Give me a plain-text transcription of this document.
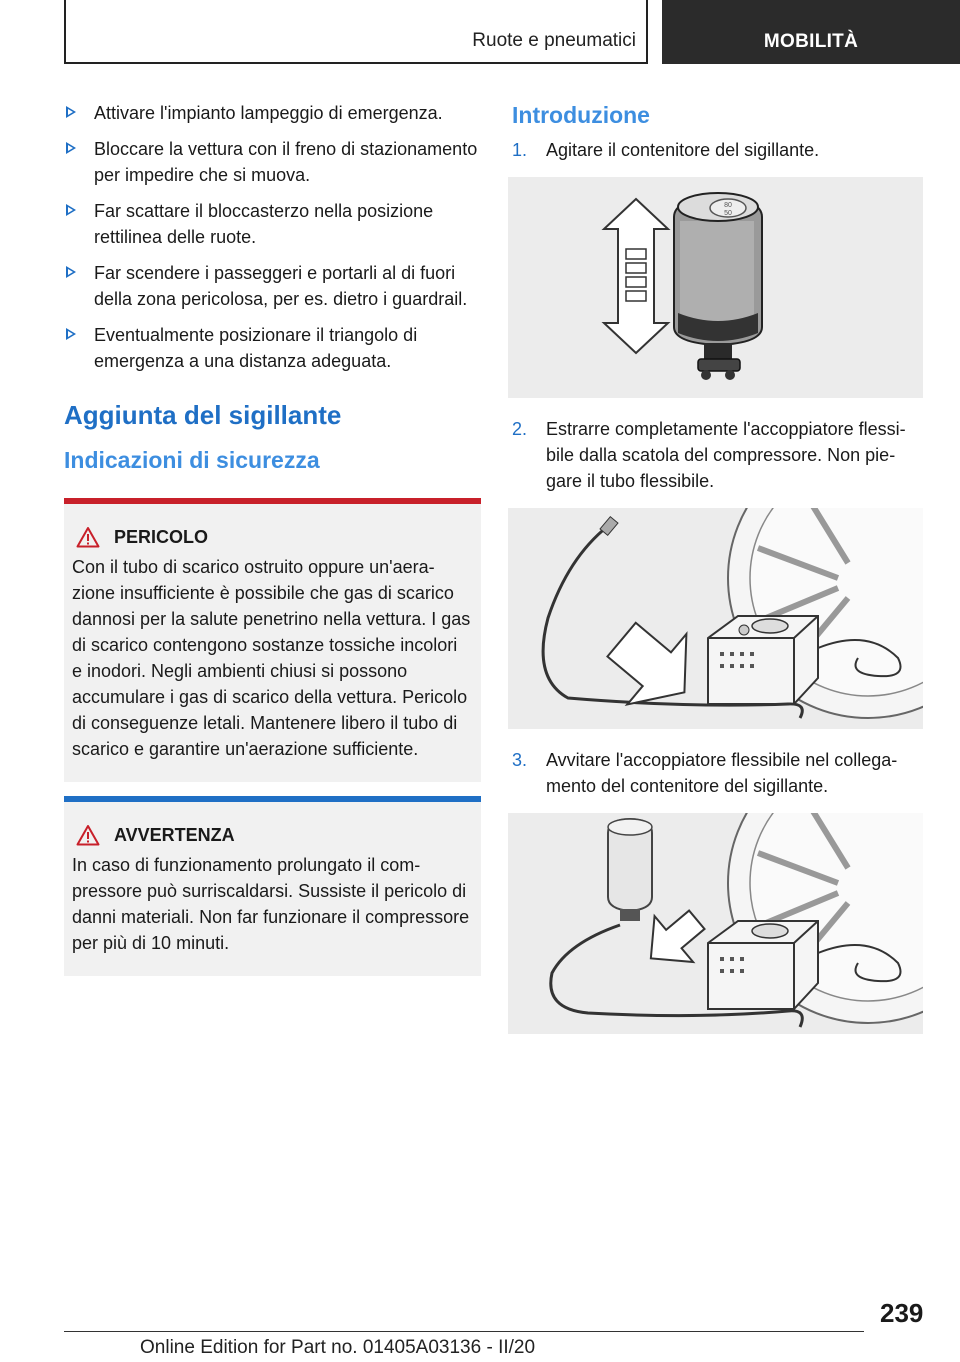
Ruote e pneumatici	MOBILITÀ
Attivare l'impianto lampeggio di emergenza.
Bloccare la vettura con il freno di stazionamento per impedire che si muova.
Far scattare il bloccasterzo nella posizione rettilinea delle ruote.
Far scendere i passeggeri e portarli al di fuori della zona pericolosa, per es. dietro i guardrail.
Eventualmente posizionare il triangolo di emergenza a una distanza adeguata.
Aggiunta del sigillante
Indicazioni di sicurezza
PERICOLO
Con il tubo di scarico ostruito oppure un'aerazione insufficiente è possibile che gas di scarico dannosi per la salute penetrino nella vettura. I gas di scarico contengono sostanze tossiche incolori e inodori. Negli ambienti chiusi si possono accumulare i gas di scarico della vettura. Pericolo di conseguenze letali. Mantenere libero il tubo di scarico e garantire un'aerazione sufficiente.
AVVERTENZA
In caso di funzionamento prolungato il compressore può surriscaldarsi. Sussiste il pericolo di danni materiali. Non far funzionare il compressore per più di 10 minuti.
Introduzione
1.	Agitare il contenitore del sigillante.
80
50
2.	Estrarre completamente l'accoppiatore flessibile dalla scatola del compressore. Non piegare il tubo flessibile.
3.	Avvitare l'accoppiatore flessibile nel collegamento del contenitore del sigillante.
239
Online Edition for Part no. 01405A03136 - II/20
